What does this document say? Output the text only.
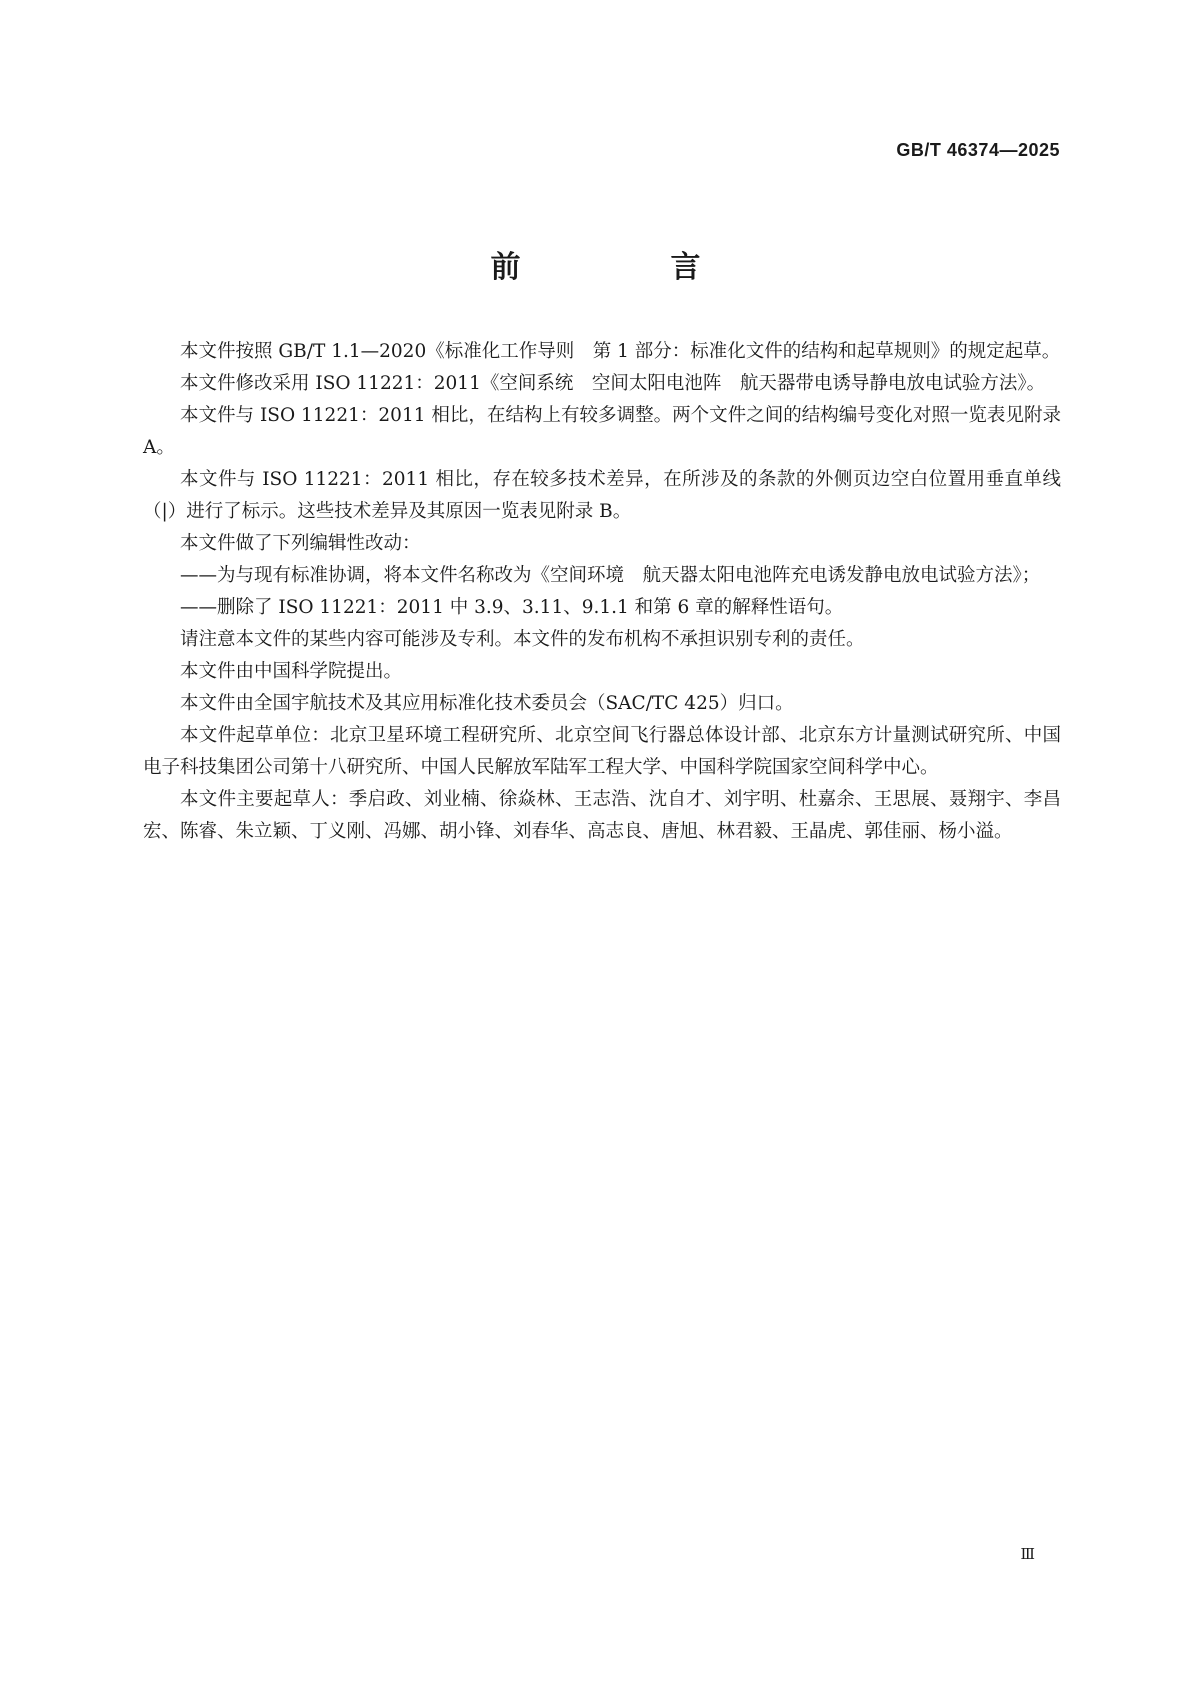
GB/T 46374—2025
前　言

本文件按照 GB/T 1.1—2020《标准化工作导则　第 1 部分：标准化文件的结构和起草规则》的规定起草。

本文件修改采用 ISO 11221：2011《空间系统　空间太阳电池阵　航天器带电诱导静电放电试验方法》。

本文件与 ISO 11221：2011 相比，在结构上有较多调整。两个文件之间的结构编号变化对照一览表见附录 A。

本文件与 ISO 11221：2011 相比，存在较多技术差异，在所涉及的条款的外侧页边空白位置用垂直单线（|）进行了标示。这些技术差异及其原因一览表见附录 B。

本文件做了下列编辑性改动：

——为与现有标准协调，将本文件名称改为《空间环境　航天器太阳电池阵充电诱发静电放电试验方法》；

——删除了 ISO 11221：2011 中 3.9、3.11、9.1.1 和第 6 章的解释性语句。

请注意本文件的某些内容可能涉及专利。本文件的发布机构不承担识别专利的责任。

本文件由中国科学院提出。

本文件由全国宇航技术及其应用标准化技术委员会（SAC/TC 425）归口。

本文件起草单位：北京卫星环境工程研究所、北京空间飞行器总体设计部、北京东方计量测试研究所、中国电子科技集团公司第十八研究所、中国人民解放军陆军工程大学、中国科学院国家空间科学中心。

本文件主要起草人：季启政、刘业楠、徐焱林、王志浩、沈自才、刘宇明、杜嘉余、王思展、聂翔宇、李昌宏、陈睿、朱立颖、丁义刚、冯娜、胡小锋、刘春华、高志良、唐旭、林君毅、王晶虎、郭佳丽、杨小溢。

Ⅲ
